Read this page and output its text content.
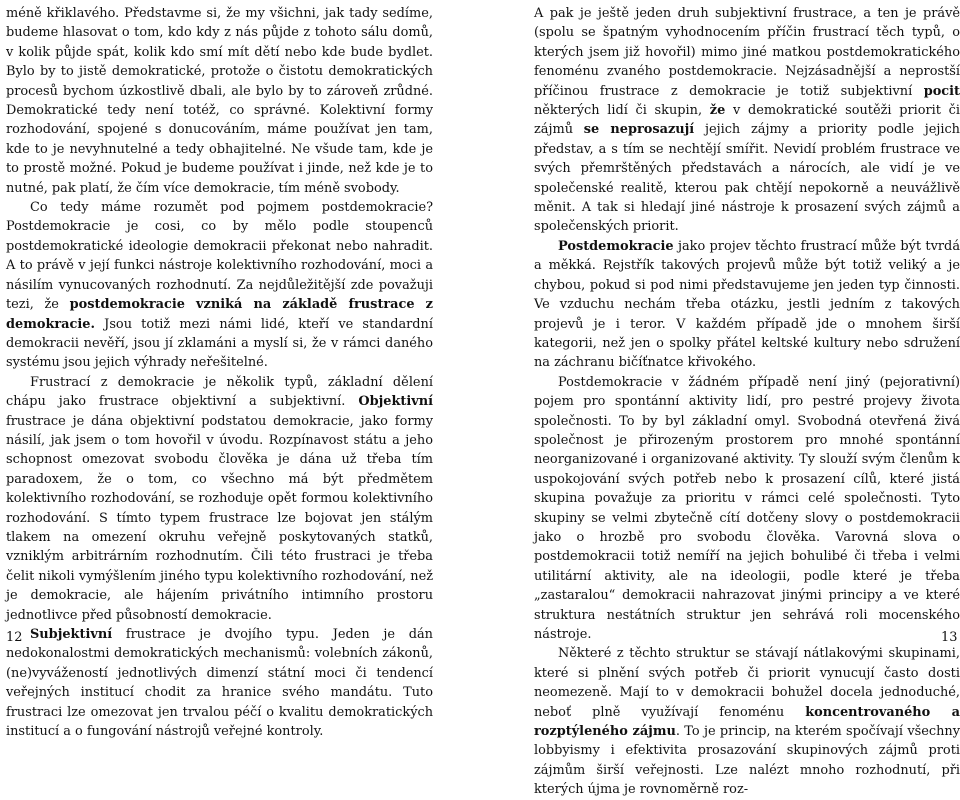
méně křiklavého. Představme si, že my všichni, jak tady sedíme, budeme hlasovat o tom, kdo kdy z nás půjde z tohoto sálu domů, v kolik půjde spát, kolik kdo smí mít dětí nebo kde bude bydlet. Bylo by to jistě demokratické, protože o čistotu demokratických procesů bychom úzkostlivě dbali, ale bylo by to zároveň zrůdné. Demokratické tedy není totéž, co správné. Kolektivní formy rozhodování, spojené s donucováním, máme používat jen tam, kde to je nevyhnutelné a tedy obhajitelné. Ne všude tam, kde je to prostě možné. Pokud je budeme používat i jinde, než kde je to nutné, pak platí, že čím více demokracie, tím méně svobody.

Co tedy máme rozumět pod pojmem postdemokracie? Postdemokracie je cosi, co by mělo podle stoupenců postdemokratické ideologie demokracii překonat nebo nahradit. A to právě v její funkci nástroje kolektivního rozhodování, moci a násilím vynucovaných rozhodnutí. Za nejdůležitější zde považuji tezi, že postdemokracie vzniká na základě frustrace z demokracie. Jsou totiž mezi námi lidé, kteří ve standardní demokracii nevěří, jsou jí zklamáni a myslí si, že v rámci daného systému jsou jejich výhrady neřešitelné.

Frustrací z demokracie je několik typů, základní dělení chápu jako frustrace objektivní a subjektivní. Objektivní frustrace je dána objektivní podstatou demokracie, jako formy násilí, jak jsem o tom hovořil v úvodu. Rozpínavost státu a jeho schopnost omezovat svobodu člověka je dána už třeba tím paradoxem, že o tom, co všechno má být předmětem kolektivního rozhodování, se rozhoduje opět formou kolektivního rozhodování. S tímto typem frustrace lze bojovat jen stálým tlakem na omezení okruhu veřejně poskytovaných statků, vzniklým arbitrárním rozhodnutím. Čili této frustraci je třeba čelit nikoli vymýšlením jiného typu kolektivního rozhodování, než je demokracie, ale hájením privátního intimního prostoru jednotlivce před působností demokracie.

Subjektivní frustrace je dvojího typu. Jeden je dán nedokonalostmi demokratických mechanismů: volebních zákonů, (ne)vyvážeností jednotlivých dimenzí státní moci či tendencí veřejných institucí chodit za hranice svého mandátu. Tuto frustraci lze omezovat jen trvalou péčí o kvalitu demokratických institucí a o fungování nástrojů veřejné kontroly.

A pak je ještě jeden druh subjektivní frustrace, a ten je právě (spolu se špatným vyhodnocením příčin frustrací těch typů, o kterých jsem již hovořil) mimo jiné matkou postdemokratického fenoménu zvaného postdemokracie. Nejzásadnější a neprostší příčinou frustrace z demokracie je totiž subjektivní pocit některých lidí či skupin, že v demokratické soutěži priorit či zájmů se neprosazují jejich zájmy a priority podle jejich představ, a s tím se nechtějí smířit. Nevidí problém frustrace ve svých přemrštěných představách a nárocích, ale vidí je ve společenské realitě, kterou pak chtějí nepokorně a neuvážlivě měnit. A tak si hledají jiné nástroje k prosazení svých zájmů a společenských priorit.

Postdemokracie jako projev těchto frustrací může být tvrdá a měkká. Rejstřík takových projevů může být totiž veliký a je chybou, pokud si pod nimi představujeme jen jeden typ činnosti. Ve vzduchu nechám třeba otázku, jestli jedním z takových projevů je i teror. V každém případě jde o mnohem širší kategorii, než jen o spolky přátel keltské kultury nebo sdružení na záchranu bičíťnatce křivokého.

Postdemokracie v žádném případě není jiný (pejorativní) pojem pro spontánní aktivity lidí, pro pestré projevy života společnosti. To by byl základní omyl. Svobodná otevřená živá společnost je přirozeným prostorem pro mnohé spontánní neorganizované i organizované aktivity. Ty slouží svým členům k uspokojování svých potřeb nebo k prosazení cílů, které jistá skupina považuje za prioritu v rámci celé společnosti. Tyto skupiny se velmi zbytečně cítí dotčeny slovy o postdemokracii jako o hrozbě pro svobodu člověka. Varovná slova o postdemokracii totiž nemíří na jejich bohulibé či třeba i velmi utilitární aktivity, ale na ideologii, podle které je třeba „zastaralou“ demokracii nahrazovat jinými principy a ve které struktura nestátních struktur jen sehrává roli mocenského nástroje.

Některé z těchto struktur se stávají nátlakovými skupinami, které si plnění svých potřeb či priorit vynucují často dosti neomezeně. Mají to v demokracii bohužel docela jednoduché, neboť plně využívají fenoménu koncentrovaného a rozptýleného zájmu. To je princip, na kterém spočívají všechny lobbyismy i efektivita prosazování skupinových zájmů proti zájmům širší veřejnosti. Lze nalézt mnoho rozhodnutí, při kterých újma je rovnoměrně roz-

12	13
